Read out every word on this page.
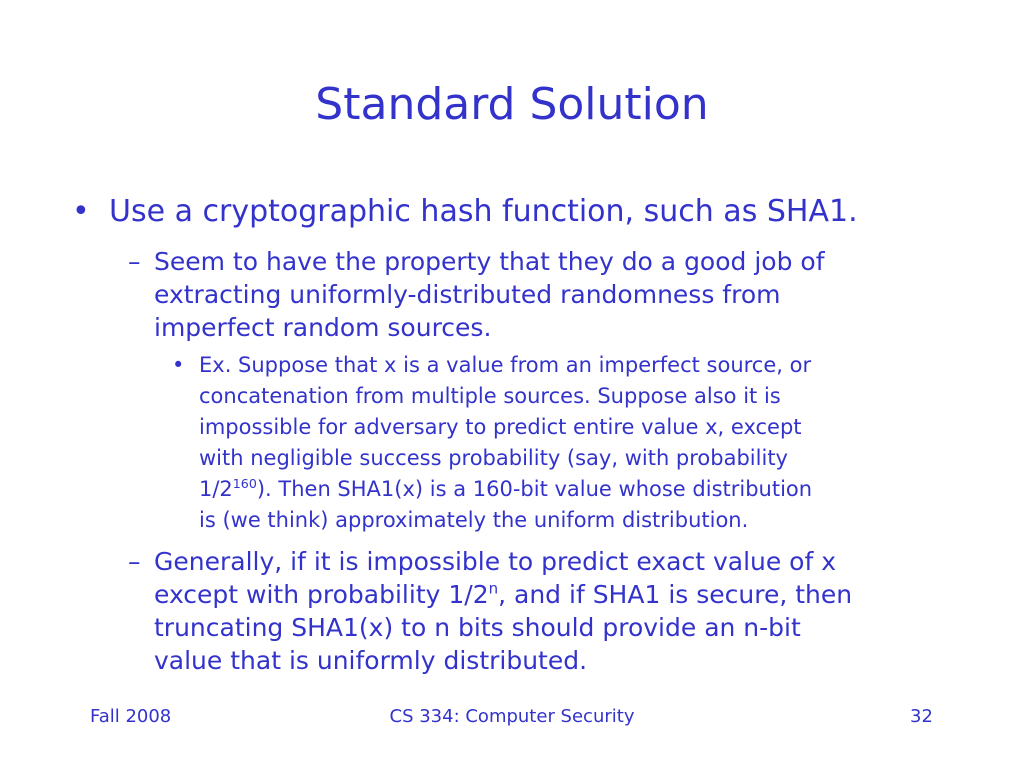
Standard Solution
• Use a cryptographic hash function, such as SHA1.
– Seem to have the property that they do a good job of
extracting uniformly-distributed randomness from
imperfect random sources.
• Ex. Suppose that x is a value from an imperfect source, or
concatenation from multiple sources. Suppose also it is
impossible for adversary to predict entire value x, except
with negligible success probability (say, with probability
$1/2^{160}$). Then SHA1(x) is a 160-bit value whose distribution
is (we think) approximately the uniform distribution.
– Generally, if it is impossible to predict exact value of x
except with probability 1/2$^n$, and if SHA1 is secure, then
truncating SHA1(x) to n bits should provide an n-bit
value that is uniformly distributed.
Fall 2008	CS 334: Computer Security	32
